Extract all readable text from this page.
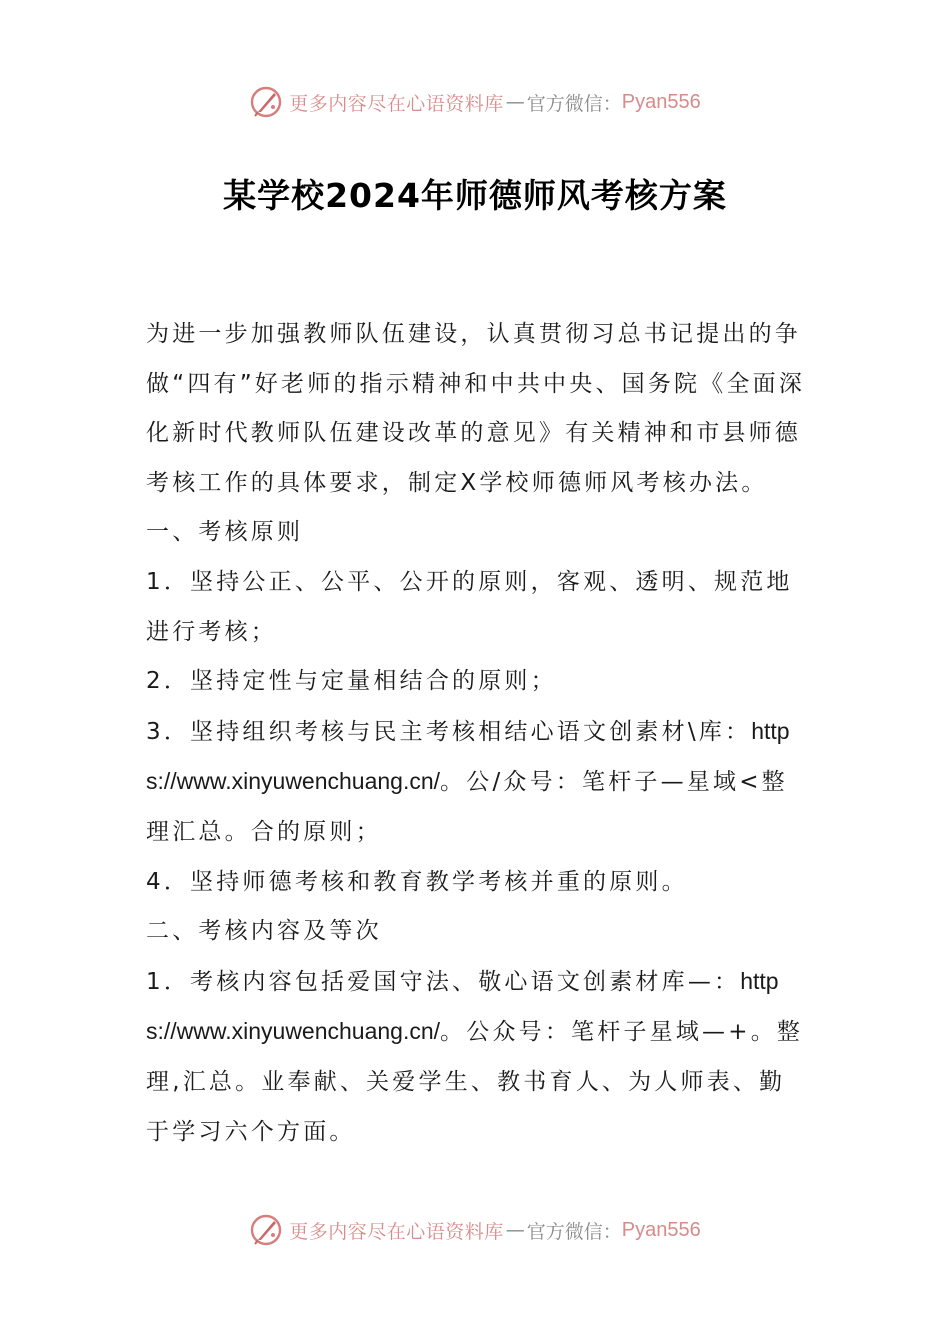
更多内容尽在心语资料库 — 官方微信： Pyan556
某学校2024年师德师风考核方案

为进一步加强教师队伍建设，认真贯彻习总书记提出的争做“四有”好老师的指示精神和中共中央、国务院《全面深化新时代教师队伍建设改革的意见》有关精神和市县师德考核工作的具体要求，制定X学校师德师风考核办法。

一、考核原则

1．坚持公正、公平、公开的原则，客观、透明、规范地进行考核；

2．坚持定性与定量相结合的原则；

3．坚持组织考核与民主考核相结心语文创素材\库：https://www.xinyuwenchuang.cn/。公/众号：笔杆子—星域<整理汇总。合的原则；

4．坚持师德考核和教育教学考核并重的原则。

二、考核内容及等次

1．考核内容包括爱国守法、敬心语文创素材库—：https://www.xinyuwenchuang.cn/。公众号：笔杆子星域—+。整理,汇总。业奉献、关爱学生、教书育人、为人师表、勤于学习六个方面。

更多内容尽在心语资料库 — 官方微信： Pyan556
